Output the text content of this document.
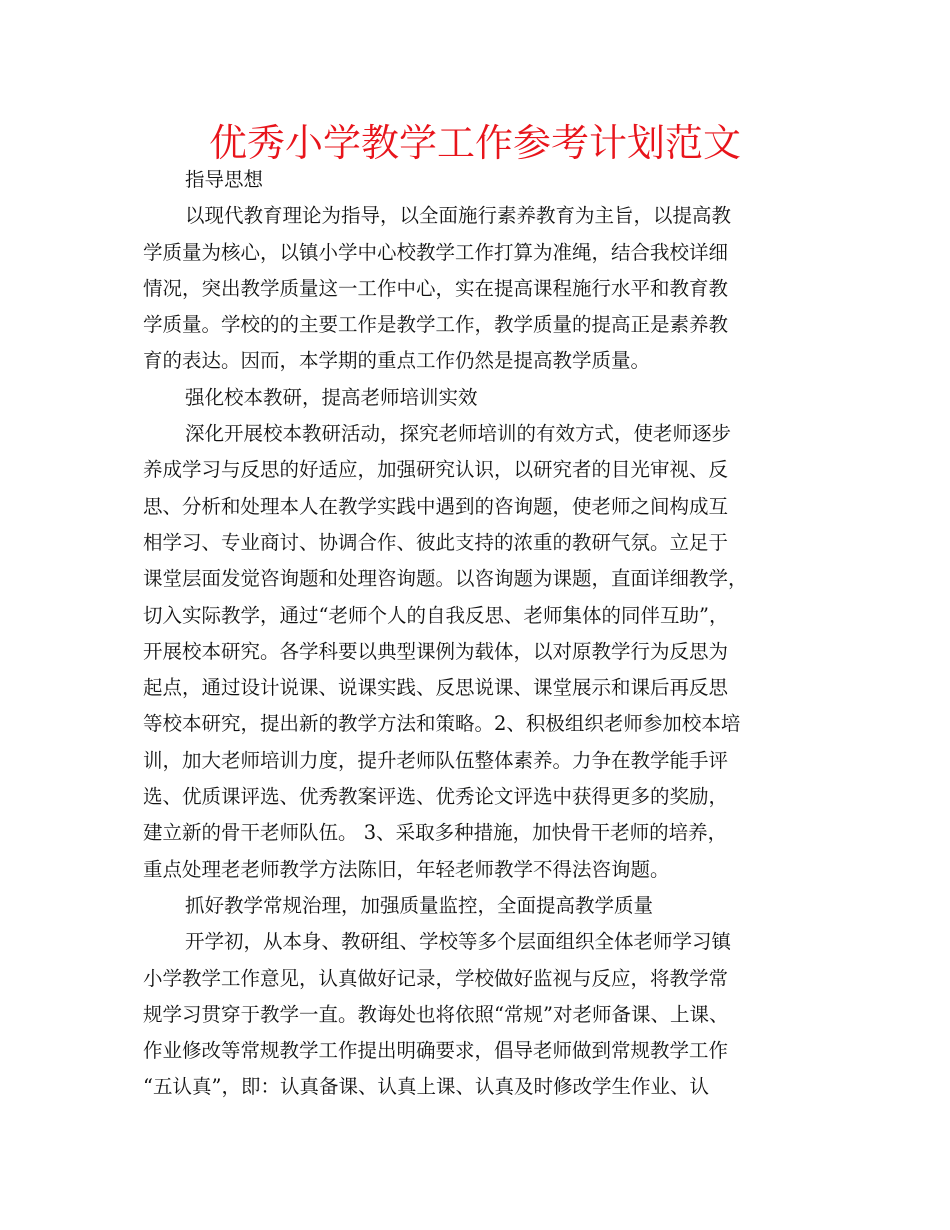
优秀小学教学工作参考计划范文
指导思想
以现代教育理论为指导，以全面施行素养教育为主旨，以提高教
学质量为核心，以镇小学中心校教学工作打算为准绳，结合我校详细
情况，突出教学质量这一工作中心，实在提高课程施行水平和教育教
学质量。学校的的主要工作是教学工作，教学质量的提高正是素养教
育的表达。因而，本学期的重点工作仍然是提高教学质量。
强化校本教研，提高老师培训实效
深化开展校本教研活动，探究老师培训的有效方式，使老师逐步
养成学习与反思的好适应，加强研究认识，以研究者的目光审视、反
思、分析和处理本人在教学实践中遇到的咨询题，使老师之间构成互
相学习、专业商讨、协调合作、彼此支持的浓重的教研气氛。立足于
课堂层面发觉咨询题和处理咨询题。以咨询题为课题，直面详细教学，
切入实际教学，通过“老师个人的自我反思、老师集体的同伴互助”，
开展校本研究。各学科要以典型课例为载体，以对原教学行为反思为
起点，通过设计说课、说课实践、反思说课、课堂展示和课后再反思
等校本研究，提出新的教学方法和策略。2、积极组织老师参加校本培
训，加大老师培训力度，提升老师队伍整体素养。力争在教学能手评
选、优质课评选、优秀教案评选、优秀论文评选中获得更多的奖励，
建立新的骨干老师队伍。 3、采取多种措施，加快骨干老师的培养，
重点处理老老师教学方法陈旧，年轻老师教学不得法咨询题。
抓好教学常规治理，加强质量监控，全面提高教学质量
开学初，从本身、教研组、学校等多个层面组织全体老师学习镇
小学教学工作意见，认真做好记录，学校做好监视与反应，将教学常
规学习贯穿于教学一直。教诲处也将依照“常规”对老师备课、上课、
作业修改等常规教学工作提出明确要求，倡导老师做到常规教学工作
“五认真”，即：认真备课、认真上课、认真及时修改学生作业、认
